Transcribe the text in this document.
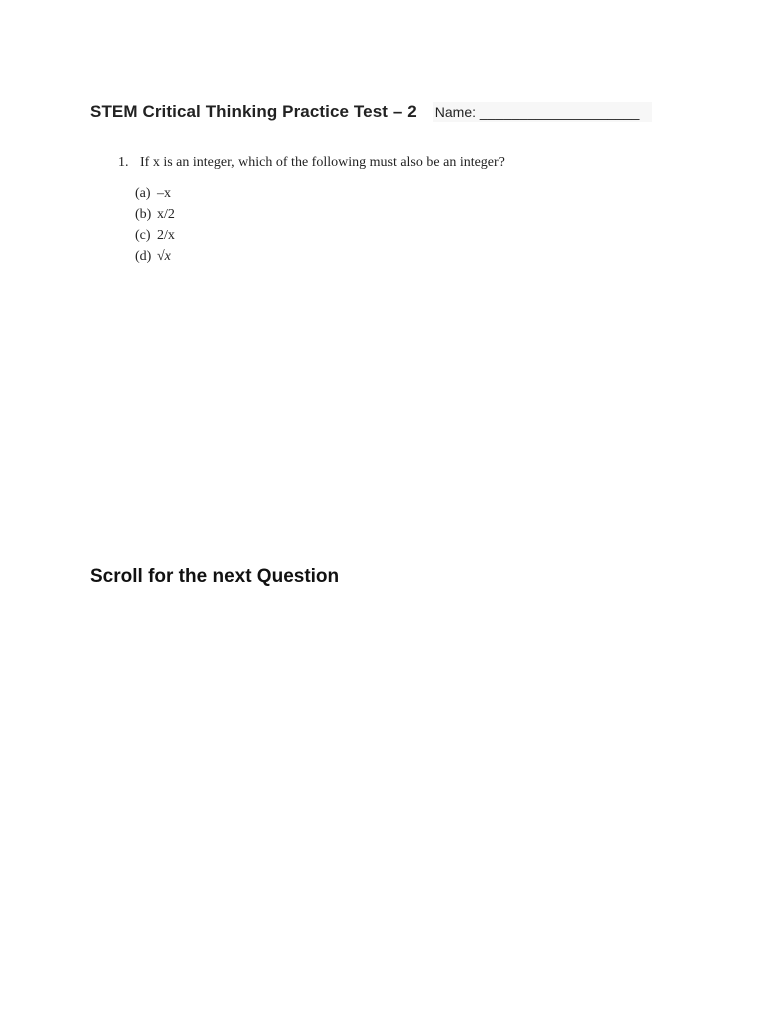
STEM Critical Thinking Practice Test – 2 Name: ____________________
1. If x is an integer, which of the following must also be an integer?
(a) –x
(b) x/2
(c) 2/x
(d) √x
Scroll for the next Question
